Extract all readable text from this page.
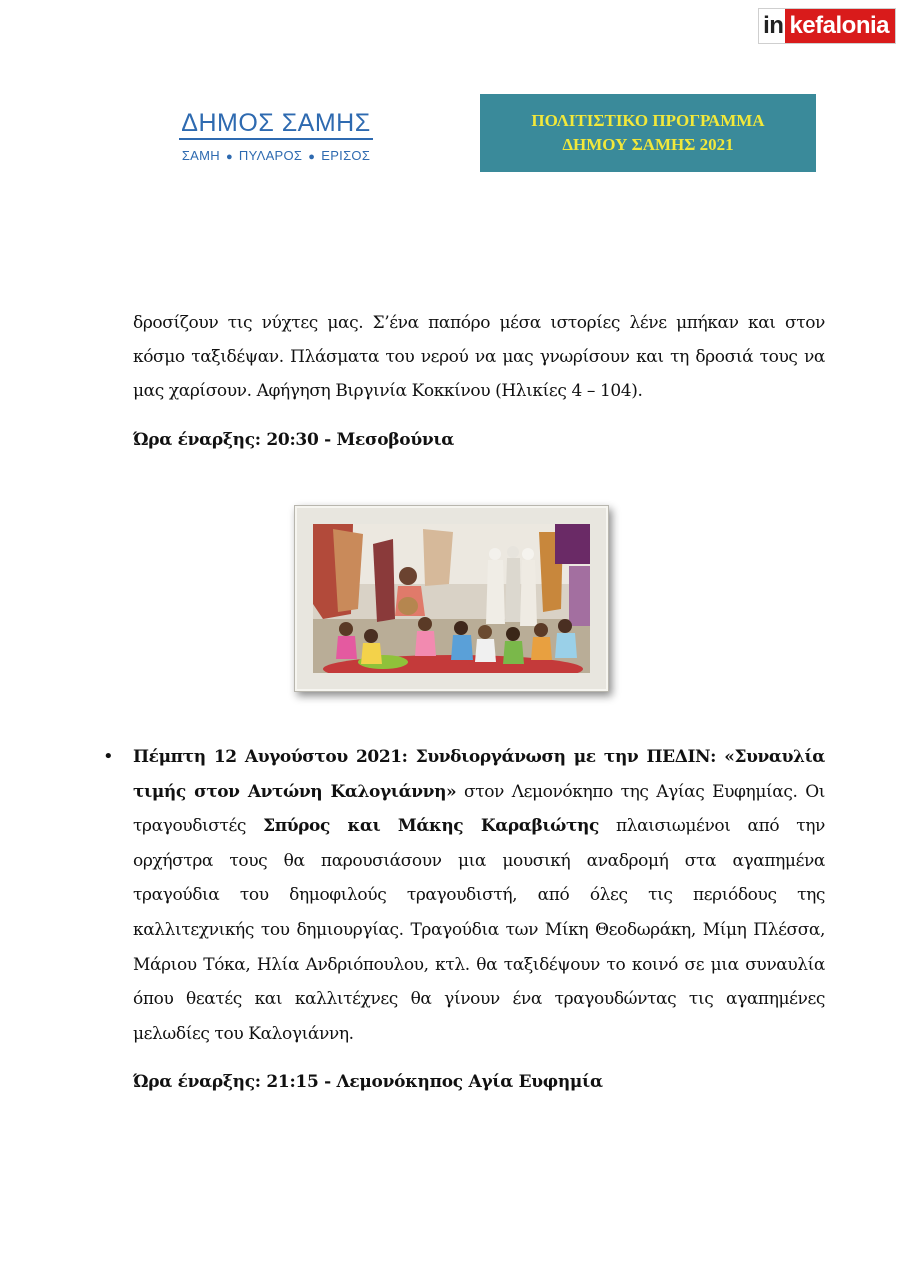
in kefalonia
ΔΗΜΟΣ ΣΑΜΗΣ
ΣΑΜΗ ● ΠΥΛΑΡΟΣ ● ΕΡΙΣΟΣ
ΠΟΛΙΤΙΣΤΙΚΟ ΠΡΟΓΡΑΜΜΑ
ΔΗΜΟΥ ΣΑΜΗΣ 2021
δροσίζουν τις νύχτες μας. Σ’ένα παπόρο μέσα ιστορίες λένε μπήκαν και στον κόσμο ταξιδέψαν. Πλάσματα του νερού να μας γνωρίσουν και τη δροσιά τους να μας χαρίσουν. Αφήγηση Βιργινία Κοκκίνου (Ηλικίες 4 – 104).
Ώρα έναρξης: 20:30 - Μεσοβούνια
• Πέμπτη 12 Αυγούστου 2021: Συνδιοργάνωση με την ΠΕΔΙΝ: «Συναυλία τιμής στον Αντώνη Καλογιάννη» στον Λεμονόκηπο της Αγίας Ευφημίας. Οι τραγουδιστές Σπύρος και Μάκης Καραβιώτης πλαισιωμένοι από την ορχήστρα τους θα παρουσιάσουν μια μουσική αναδρομή στα αγαπημένα τραγούδια του δημοφιλούς τραγουδιστή, από όλες τις περιόδους της καλλιτεχνικής του δημιουργίας. Τραγούδια των Μίκη Θεοδωράκη, Μίμη Πλέσσα, Μάριου Τόκα, Ηλία Ανδριόπουλου, κτλ. θα ταξιδέψουν το κοινό σε μια συναυλία όπου θεατές και καλλιτέχνες θα γίνουν ένα τραγουδώντας τις αγαπημένες μελωδίες του Καλογιάννη.
Ώρα έναρξης: 21:15 - Λεμονόκηπος Αγία Ευφημία
